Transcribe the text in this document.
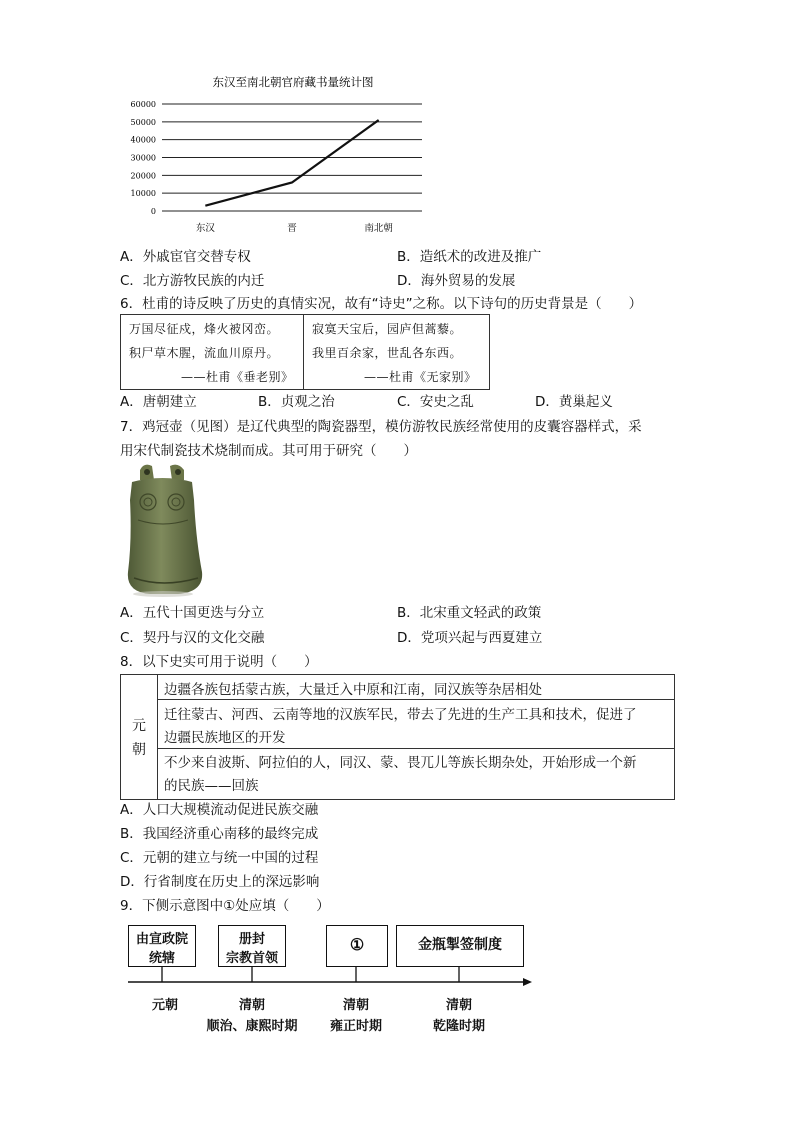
东汉至南北朝官府藏书量统计图
60000
50000
40000
30000
20000
10000
0
东汉	晋	南北朝
A．外戚宦官交替专权	B．造纸术的改进及推广
C．北方游牧民族的内迁	D．海外贸易的发展
6．杜甫的诗反映了历史的真情实况，故有“诗史”之称。以下诗句的历史背景是（　　）
万国尽征戍，烽火被冈峦。
积尸草木腥，流血川原丹。
——杜甫《垂老别》
寂寞天宝后，园庐但蒿藜。
我里百余家，世乱各东西。
——杜甫《无家别》
A．唐朝建立	B．贞观之治	C．安史之乱	D．黄巢起义
7．鸡冠壶（见图）是辽代典型的陶瓷器型，模仿游牧民族经常使用的皮囊容器样式，采
用宋代制瓷技术烧制而成。其可用于研究（　　）
A．五代十国更迭与分立	B．北宋重文轻武的政策
C．契丹与汉的文化交融	D．党项兴起与西夏建立
8．以下史实可用于说明（　　）
元
朝
边疆各族包括蒙古族，大量迁入中原和江南，同汉族等杂居相处
迁往蒙古、河西、云南等地的汉族军民，带去了先进的生产工具和技术，促进了
边疆民族地区的开发
不少来自波斯、阿拉伯的人，同汉、蒙、畏兀儿等族长期杂处，开始形成一个新
的民族——回族
A．人口大规模流动促进民族交融
B．我国经济重心南移的最终完成
C．元朝的建立与统一中国的过程
D．行省制度在历史上的深远影响
9．下侧示意图中①处应填（　　）
由宣政院
统辖
册封
宗教首领
①	金瓶掣签制度
元朝	清朝
顺治、康熙时期
清朝
雍正时期
清朝
乾隆时期
